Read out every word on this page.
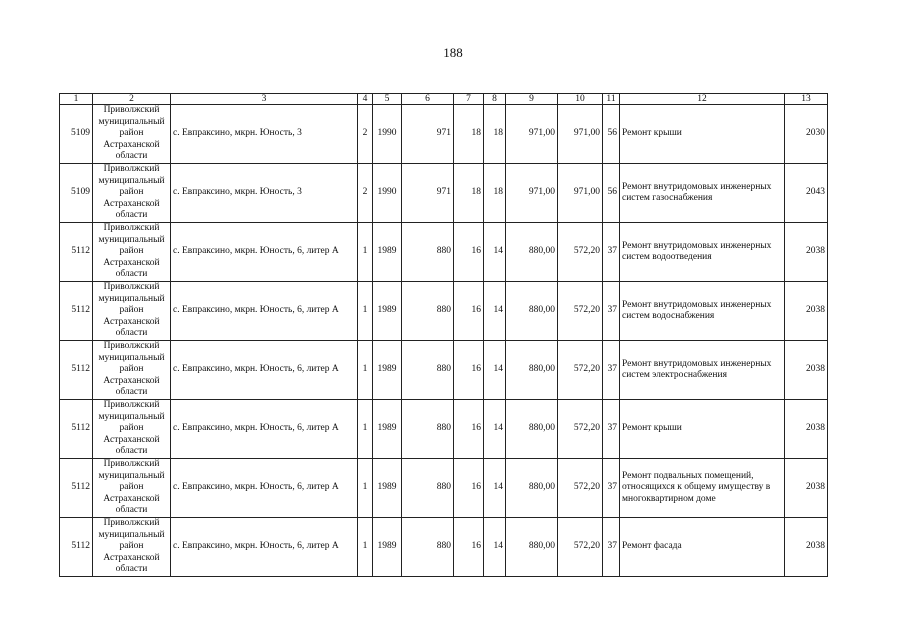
188
1	2	3	4	5	6	7	8	9	10	11	12	13
5109	Приволжский муниципальный район Астраханской области	с. Евпраксино, мкрн. Юность, 3	2	1990	971	18	18	971,00	971,00	56	Ремонт крыши	2030
5109	Приволжский муниципальный район Астраханской области	с. Евпраксино, мкрн. Юность, 3	2	1990	971	18	18	971,00	971,00	56	Ремонт внутридомовых инженерных систем газоснабжения	2043
5112	Приволжский муниципальный район Астраханской области	с. Евпраксино, мкрн. Юность, 6, литер А	1	1989	880	16	14	880,00	572,20	37	Ремонт внутридомовых инженерных систем водоотведения	2038
5112	Приволжский муниципальный район Астраханской области	с. Евпраксино, мкрн. Юность, 6, литер А	1	1989	880	16	14	880,00	572,20	37	Ремонт внутридомовых инженерных систем водоснабжения	2038
5112	Приволжский муниципальный район Астраханской области	с. Евпраксино, мкрн. Юность, 6, литер А	1	1989	880	16	14	880,00	572,20	37	Ремонт внутридомовых инженерных систем электроснабжения	2038
5112	Приволжский муниципальный район Астраханской области	с. Евпраксино, мкрн. Юность, 6, литер А	1	1989	880	16	14	880,00	572,20	37	Ремонт крыши	2038
5112	Приволжский муниципальный район Астраханской области	с. Евпраксино, мкрн. Юность, 6, литер А	1	1989	880	16	14	880,00	572,20	37	Ремонт подвальных помещений, относящихся к общему имуществу в многоквартирном доме	2038
5112	Приволжский муниципальный район Астраханской области	с. Евпраксино, мкрн. Юность, 6, литер А	1	1989	880	16	14	880,00	572,20	37	Ремонт фасада	2038
